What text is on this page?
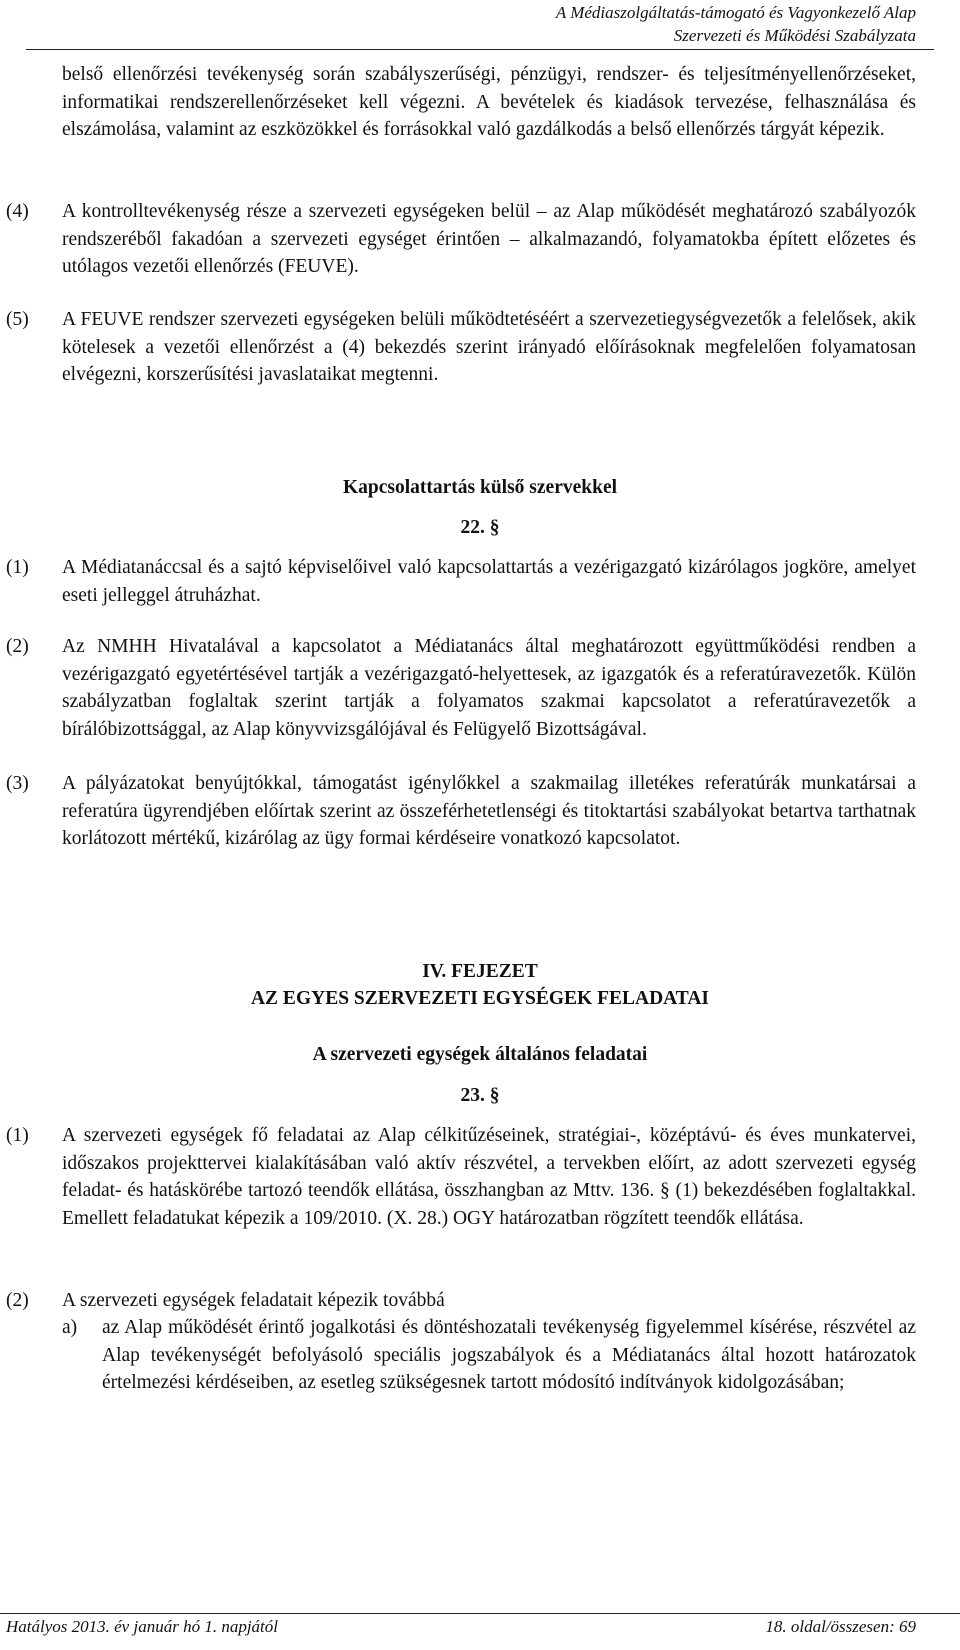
A Médiaszolgáltatás-támogató és Vagyonkezelő Alap
Szervezeti és Működési Szabályzata
belső ellenőrzési tevékenység során szabályszerűségi, pénzügyi, rendszer- és teljesítményellenőrzéseket, informatikai rendszerellenőrzéseket kell végezni. A bevételek és kiadások tervezése, felhasználása és elszámolása, valamint az eszközökkel és forrásokkal való gazdálkodás a belső ellenőrzés tárgyát képezik.
(4) A kontrolltevékenység része a szervezeti egységeken belül – az Alap működését meghatározó szabályozók rendszeréből fakadóan a szervezeti egységet érintően – alkalmazandó, folyamatokba épített előzetes és utólagos vezetői ellenőrzés (FEUVE).
(5) A FEUVE rendszer szervezeti egységeken belüli működtetéséért a szervezetiegységvezetők a felelősek, akik kötelesek a vezetői ellenőrzést a (4) bekezdés szerint irányadó előírásoknak megfelelően folyamatosan elvégezni, korszerűsítési javaslataikat megtenni.
Kapcsolattartás külső szervekkel
22. §
(1) A Médiatanáccsal és a sajtó képviselőivel való kapcsolattartás a vezérigazgató kizárólagos jogköre, amelyet eseti jelleggel átruházhat.
(2) Az NMHH Hivatalával a kapcsolatot a Médiatanács által meghatározott együttműködési rendben a vezérigazgató egyetértésével tartják a vezérigazgató-helyettesek, az igazgatók és a referatúravezetők. Külön szabályzatban foglaltak szerint tartják a folyamatos szakmai kapcsolatot a referatúravezetők a bírálóbizottsággal, az Alap könyvvizsgálójával és Felügyelő Bizottságával.
(3) A pályázatokat benyújtókkal, támogatást igénylőkkel a szakmailag illetékes referatúrák munkatársai a referatúra ügyrendjében előírtak szerint az összeférhetetlenségi és titoktartási szabályokat betartva tarthatnak korlátozott mértékű, kizárólag az ügy formai kérdéseire vonatkozó kapcsolatot.
IV. FEJEZET
AZ EGYES SZERVEZETI EGYSÉGEK FELADATAI
A szervezeti egységek általános feladatai
23. §
(1) A szervezeti egységek fő feladatai az Alap célkitűzéseinek, stratégiai-, középtávú- és éves munkatervei, időszakos projekttervei kialakításában való aktív részvétel, a tervekben előírt, az adott szervezeti egység feladat- és hatáskörébe tartozó teendők ellátása, összhangban az Mttv. 136. § (1) bekezdésében foglaltakkal. Emellett feladatukat képezik a 109/2010. (X. 28.) OGY határozatban rögzített teendők ellátása.
(2) A szervezeti egységek feladatait képezik továbbá
a) az Alap működését érintő jogalkotási és döntéshozatali tevékenység figyelemmel kísérése, részvétel az Alap tevékenységét befolyásoló speciális jogszabályok és a Médiatanács által hozott határozatok értelmezési kérdéseiben, az esetleg szükségesnek tartott módosító indítványok kidolgozásában;
Hatályos 2013. év január hó 1. napjától	18. oldal/összesen: 69
